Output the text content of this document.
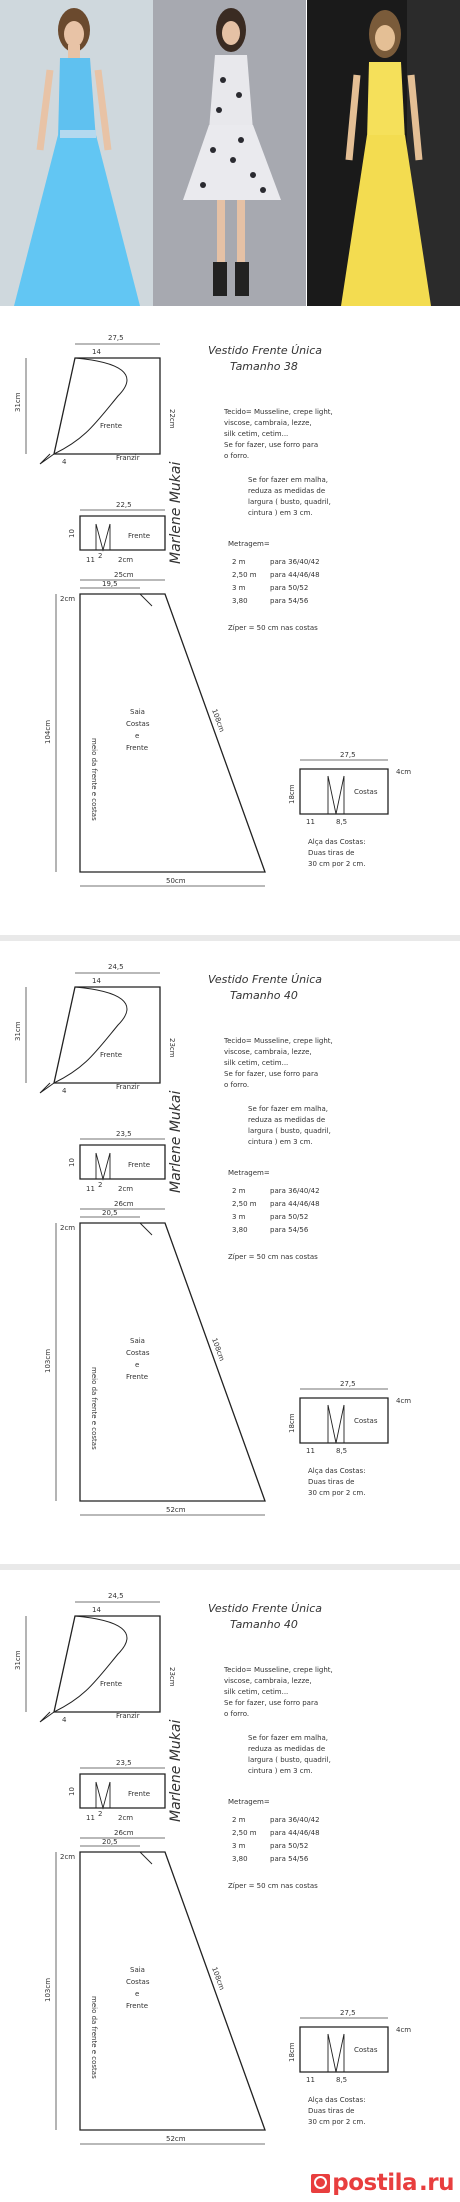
Vestido Frente Única
Tamanho 38
27,5
14
22cm
31cm
Frente
4	Franzir
22,5
Frente
10
2 2cm
11
25cm
19,5
2cm
104cm	108cm
50cm
meio da frente e costas
Saia
Costas
e
Frente
27,5
Costas
18cm
11	8,5
4cm
Marlene Mukai
Tecido= Musseline, crepe light,
viscose, cambraia, lezze,
silk cetim, cetim...
Se for fazer, use forro para
o forro.
Se for fazer em malha,
reduza as medidas de
largura ( busto, quadril,
cintura ) em 3 cm.
Metragem=
2 m	para 36/40/42
2,50 m para 44/46/48
3 m	para 50/52
3,80	para 54/56
Zíper = 50 cm nas costas
Alça das Costas:
Duas tiras de
30 cm por 2 cm.
Vestido Frente Única
Tamanho 40
24,5
14
23cm
31cm
Frente
4	Franzir
23,5
Frente
10
2 2cm
11
26cm
20,5
2cm
103cm	108cm
52cm
meio da frente e costas
Saia
Costas
e
Frente
27,5
Costas
18cm
11	8,5
4cm
Marlene Mukai
Tecido= Musseline, crepe light,
viscose, cambraia, lezze,
silk cetim, cetim...
Se for fazer, use forro para
o forro.
Se for fazer em malha,
reduza as medidas de
largura ( busto, quadril,
cintura ) em 3 cm.
Metragem=
2 m	para 36/40/42
2,50 m para 44/46/48
3 m	para 50/52
3,80	para 54/56
Zíper = 50 cm nas costas
Alça das Costas:
Duas tiras de
30 cm por 2 cm.
Vestido Frente Única
Tamanho 40
24,5
14
23cm
31cm
Frente
4	Franzir
23,5
Frente
10
2 2cm
11
26cm
20,5
2cm
103cm	108cm
52cm
meio da frente e costas
Saia
Costas
e
Frente
27,5
Costas
18cm
11	8,5
4cm
Marlene Mukai
Tecido= Musseline, crepe light,
viscose, cambraia, lezze,
silk cetim, cetim...
Se for fazer, use forro para
o forro.
Se for fazer em malha,
reduza as medidas de
largura ( busto, quadril,
cintura ) em 3 cm.
Metragem=
2 m	para 36/40/42
2,50 m para 44/46/48
3 m	para 50/52
3,80	para 54/56
Zíper = 50 cm nas costas
Alça das Costas:
Duas tiras de
30 cm por 2 cm.
postila .ru
